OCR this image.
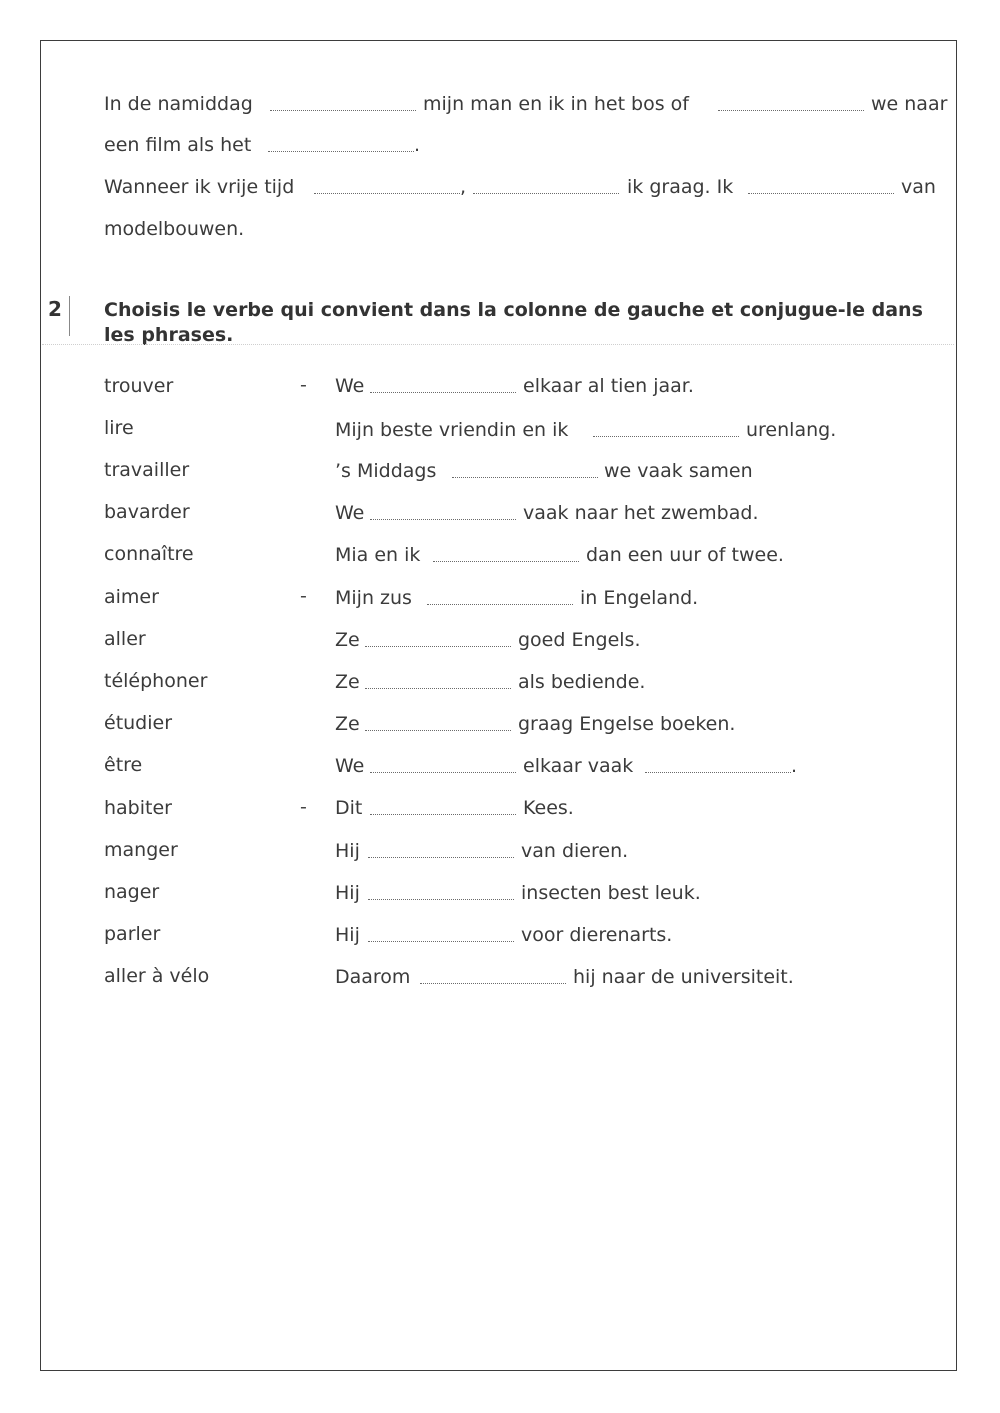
In de namiddag	mijn man en ik in het bos of	we naar
een film als het	.
Wanneer ik vrije tijd	,	ik graag. Ik	van
modelbouwen.
2 Choisis le verbe qui convient dans la colonne de gauche et conjugue-le dans les phrases.
trouver	- We	elkaar al tien jaar.
lire	Mijn beste vriendin en ik	urenlang.
travailler	’s Middags	we vaak samen
bavarder	We	vaak naar het zwembad.
connaître	Mia en ik	dan een uur of twee.
aimer	- Mijn zus	in Engeland.
aller	Ze	goed Engels.
téléphoner	Ze	als bediende.
étudier	Ze	graag Engelse boeken.
être	We	elkaar vaak	.
habiter	- Dit	Kees.
manger	Hij	van dieren.
nager	Hij	insecten best leuk.
parler	Hij	voor dierenarts.
aller à vélo	Daarom	hij naar de universiteit.
